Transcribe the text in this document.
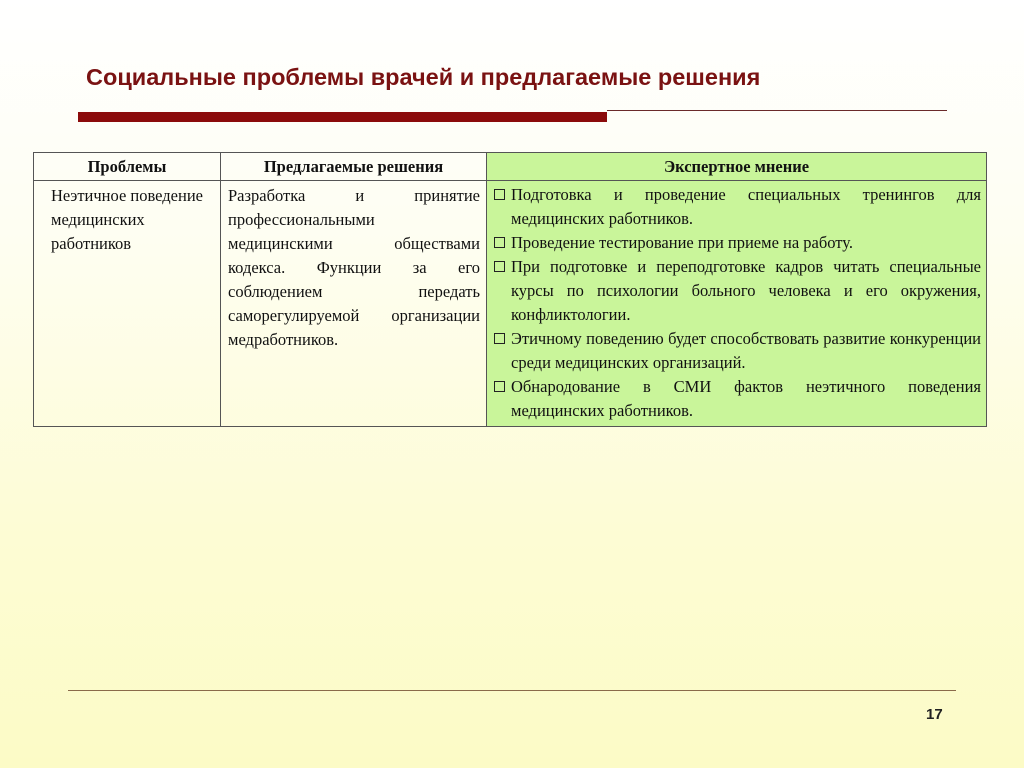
Социальные проблемы врачей и предлагаемые решения
Проблемы	Предлагаемые решения	Экспертное мнение
Неэтичное поведение медицинских работников	Разработка и принятие профессиональными медицинскими обществами кодекса. Функции за его соблюдением передать саморегулируемой организации медработников.	Подготовка и проведение специальных тренингов для медицинских работников.
Проведение тестирование при приеме на работу.
При подготовке и переподготовке кадров читать специальные курсы по психологии больного человека и его окружения, конфликтологии.
Этичному поведению будет способствовать развитие конкуренции среди медицинских организаций.
Обнародование в СМИ фактов неэтичного поведения медицинских работников.
17
